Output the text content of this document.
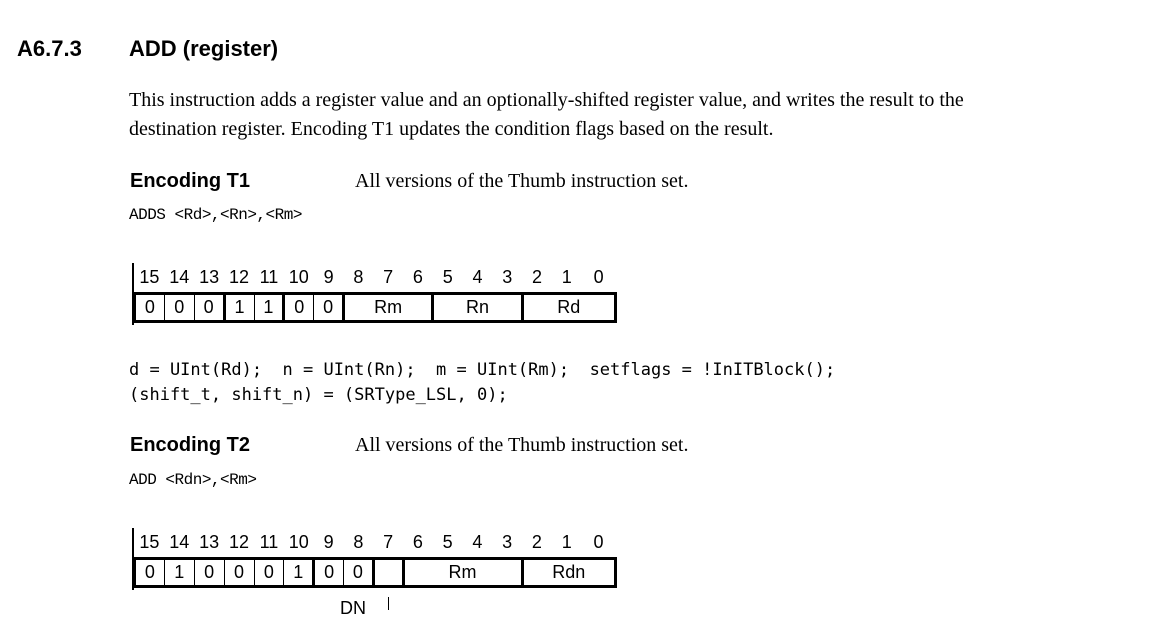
A6.7.3 ADD (register)
This instruction adds a register value and an optionally-shifted register value, and writes the result to the
destination register. Encoding T1 updates the condition flags based on the result.
Encoding T1	All versions of the Thumb instruction set.
ADDS <Rd>,<Rn>,<Rm>
15	14	13	12	11	10	9	8	7	6	5	4	3	2	1	0
0	0	0	1	1	0	0	Rm			Rn			Rd		
d = UInt(Rd);  n = UInt(Rn);  m = UInt(Rm);  setflags = !InITBlock();
(shift_t, shift_n) = (SRType_LSL, 0);
Encoding T2	All versions of the Thumb instruction set.
ADD <Rdn>,<Rm>
15	14	13	12	11	10	9	8	7	6	5	4	3	2	1	0
0	1	0	0	0	1	0	0		Rm				Rdn		
DN
